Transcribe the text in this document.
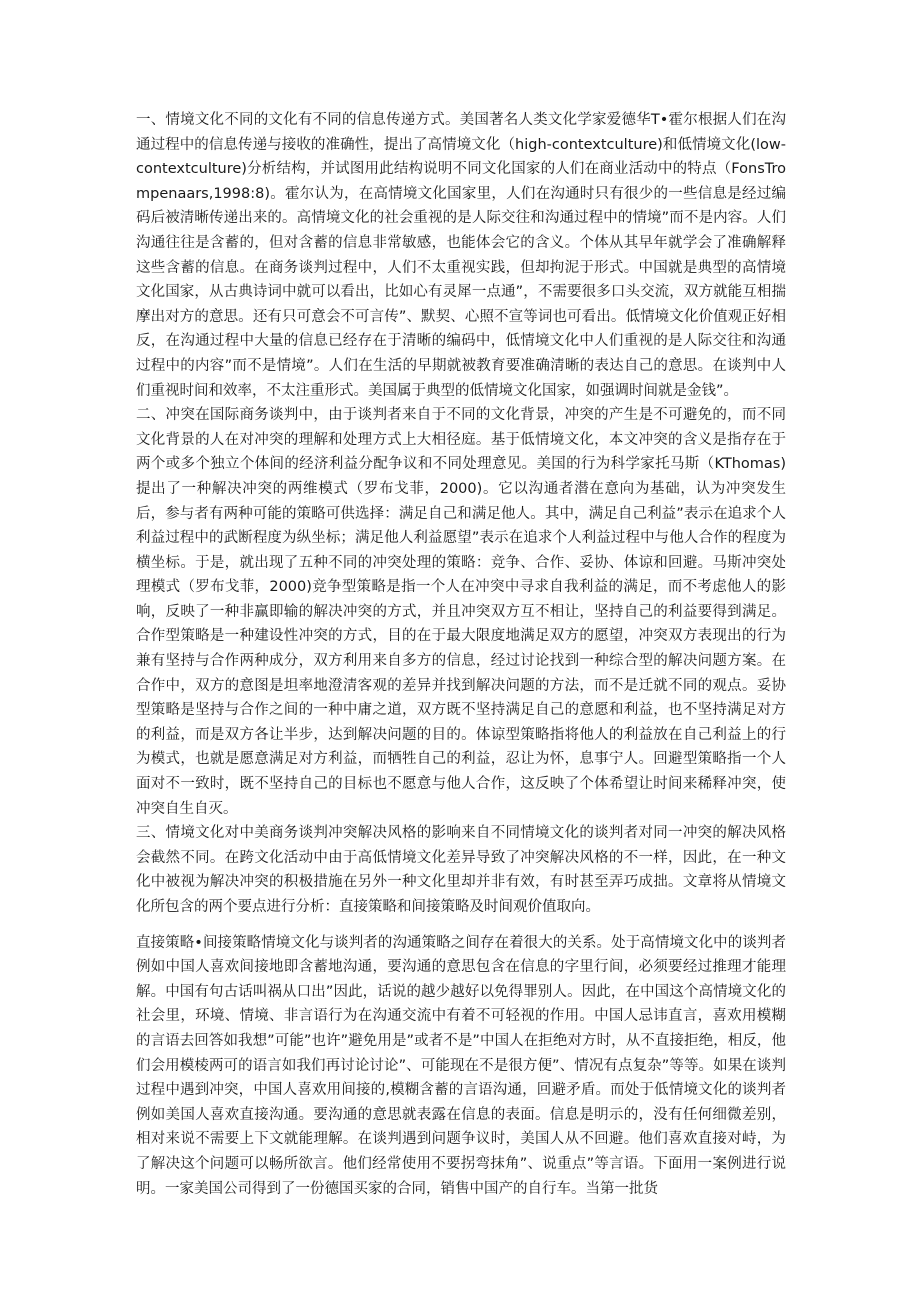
一、情境文化不同的文化有不同的信息传递方式。美国著名人类文化学家爱德华T•霍尔根据人们在沟通过程中的信息传递与接收的准确性，提出了高情境文化（high-contextculture)和低情境文化(low-contextculture)分析结构，并试图用此结构说明不同文化国家的人们在商业活动中的特点（FonsTrompenaars,1998:8)。霍尔认为，在高情境文化国家里，人们在沟通时只有很少的一些信息是经过编码后被清晰传递出来的。高情境文化的社会重视的是人际交往和沟通过程中的情境”而不是内容。人们沟通往往是含蓄的，但对含蓄的信息非常敏感，也能体会它的含义。个体从其早年就学会了准确解释这些含蓄的信息。在商务谈判过程中，人们不太重视实践，但却拘泥于形式。中国就是典型的高情境文化国家，从古典诗词中就可以看出，比如心有灵犀一点通”，不需要很多口头交流，双方就能互相揣摩出对方的意思。还有只可意会不可言传”、默契、心照不宣等词也可看出。低情境文化价值观正好相反，在沟通过程中大量的信息已经存在于清晰的编码中，低情境文化中人们重视的是人际交往和沟通过程中的内容”而不是情境”。人们在生活的早期就被教育要准确清晰的表达自己的意思。在谈判中人们重视时间和效率，不太注重形式。美国属于典型的低情境文化国家，如强调时间就是金钱”。

二、冲突在国际商务谈判中，由于谈判者来自于不同的文化背景，冲突的产生是不可避免的，而不同文化背景的人在对冲突的理解和处理方式上大相径庭。基于低情境文化，本文冲突的含义是指存在于两个或多个独立个体间的经济利益分配争议和不同处理意见。美国的行为科学家托马斯（KThomas)提出了一种解决冲突的两维模式（罗布戈菲，2000)。它以沟通者潜在意向为基础，认为冲突发生后，参与者有两种可能的策略可供选择：满足自己和满足他人。其中，满足自己利益”表示在追求个人利益过程中的武断程度为纵坐标；满足他人利益愿望”表示在追求个人利益过程中与他人合作的程度为横坐标。于是，就出现了五种不同的冲突处理的策略：竞争、合作、妥协、体谅和回避。马斯冲突处理模式（罗布戈菲，2000)竞争型策略是指一个人在冲突中寻求自我利益的满足，而不考虑他人的影响，反映了一种非赢即输的解决冲突的方式，并且冲突双方互不相让，坚持自己的利益要得到满足。合作型策略是一种建设性冲突的方式，目的在于最大限度地满足双方的愿望，冲突双方表现出的行为兼有坚持与合作两种成分，双方利用来自多方的信息，经过讨论找到一种综合型的解决问题方案。在合作中，双方的意图是坦率地澄清客观的差异并找到解决问题的方法，而不是迁就不同的观点。妥协型策略是坚持与合作之间的一种中庸之道，双方既不坚持满足自己的意愿和利益，也不坚持满足对方的利益，而是双方各让半步，达到解决问题的目的。体谅型策略指将他人的利益放在自己利益上的行为模式，也就是愿意满足对方利益，而牺牲自己的利益，忍让为怀，息事宁人。回避型策略指一个人面对不一致时，既不坚持自己的目标也不愿意与他人合作，这反映了个体希望让时间来稀释冲突，使冲突自生自灭。

三、情境文化对中美商务谈判冲突解决风格的影响来自不同情境文化的谈判者对同一冲突的解决风格会截然不同。在跨文化活动中由于高低情境文化差异导致了冲突解决风格的不一样，因此，在一种文化中被视为解决冲突的积极措施在另外一种文化里却并非有效，有时甚至弄巧成拙。文章将从情境文化所包含的两个要点进行分析：直接策略和间接策略及时间观价值取向。

直接策略•间接策略情境文化与谈判者的沟通策略之间存在着很大的关系。处于高情境文化中的谈判者例如中国人喜欢间接地即含蓄地沟通，要沟通的意思包含在信息的字里行间，必须要经过推理才能理解。中国有句古话叫祸从口出”因此，话说的越少越好以免得罪别人。因此，在中国这个高情境文化的社会里，环境、情境、非言语行为在沟通交流中有着不可轻视的作用。中国人忌讳直言，喜欢用模糊的言语去回答如我想”可能”也许”避免用是”或者不是”中国人在拒绝对方时，从不直接拒绝，相反，他们会用模棱两可的语言如我们再讨论讨论”、可能现在不是很方便”、情况有点复杂”等等。如果在谈判过程中遇到冲突，中国人喜欢用间接的,模糊含蓄的言语沟通，回避矛盾。而处于低情境文化的谈判者例如美国人喜欢直接沟通。要沟通的意思就表露在信息的表面。信息是明示的，没有任何细微差别，相对来说不需要上下文就能理解。在谈判遇到问题争议时，美国人从不回避。他们喜欢直接对峙，为了解决这个问题可以畅所欲言。他们经常使用不要拐弯抹角”、说重点”等言语。下面用一案例进行说明。一家美国公司得到了一份德国买家的合同，销售中国产的自行车。当第一批货
